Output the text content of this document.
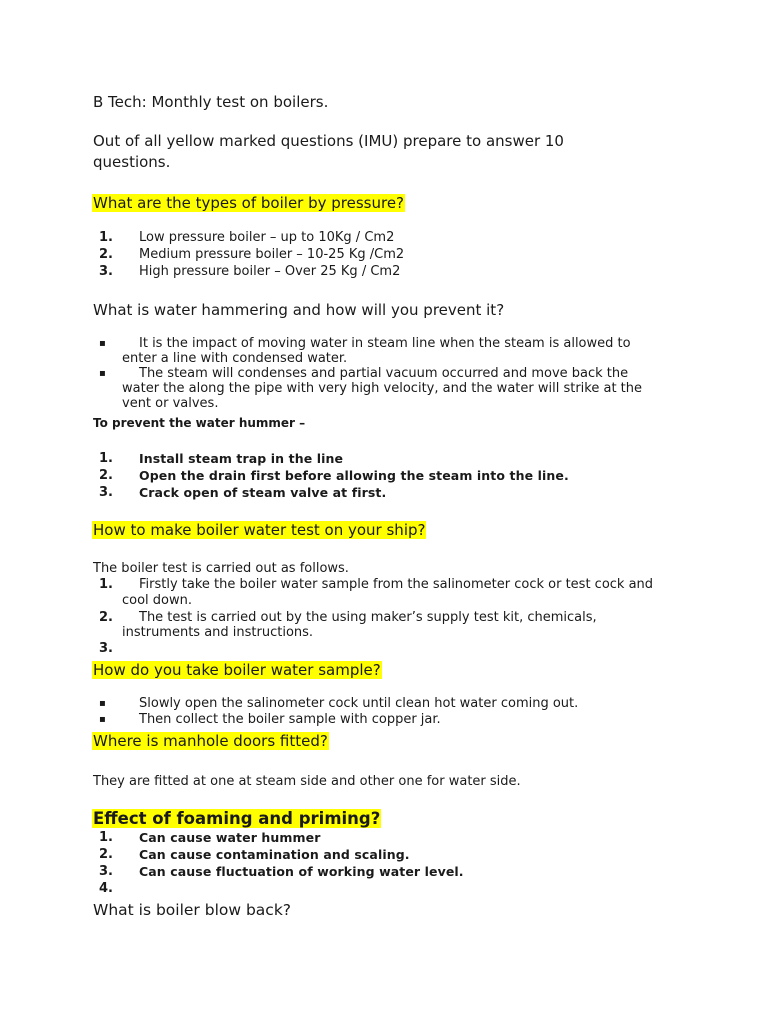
B Tech: Monthly test on boilers.

Out of all yellow marked questions (IMU) prepare to answer 10

questions.

What are the types of boiler by pressure?

1. Low pressure boiler – up to 10Kg / Cm2
2. Medium pressure boiler – 10-25 Kg /Cm2
3. High pressure boiler – Over 25 Kg / Cm2

What is water hammering and how will you prevent it?

▪	It is the impact of moving water in steam line when the steam is allowed to
enter a line with condensed water.
▪	The steam will condenses and partial vacuum occurred and move back the
water the along the pipe with very high velocity, and the water will strike at the
vent or valves.

To prevent the water hummer –

1. Install steam trap in the line
2. Open the drain first before allowing the steam into the line.
3. Crack open of steam valve at first.

How to make boiler water test on your ship?

The boiler test is carried out as follows.

1. Firstly take the boiler water sample from the salinometer cock or test cock and
cool down.
2. The test is carried out by the using maker’s supply test kit, chemicals,
instruments and instructions.
3.

How do you take boiler water sample?

▪	Slowly open the salinometer cock until clean hot water coming out.
▪	Then collect the boiler sample with copper jar.

Where is manhole doors fitted?

They are fitted at one at steam side and other one for water side.

Effect of foaming and priming?

1. Can cause water hummer
2. Can cause contamination and scaling.
3. Can cause fluctuation of working water level.
4.

What is boiler blow back?
